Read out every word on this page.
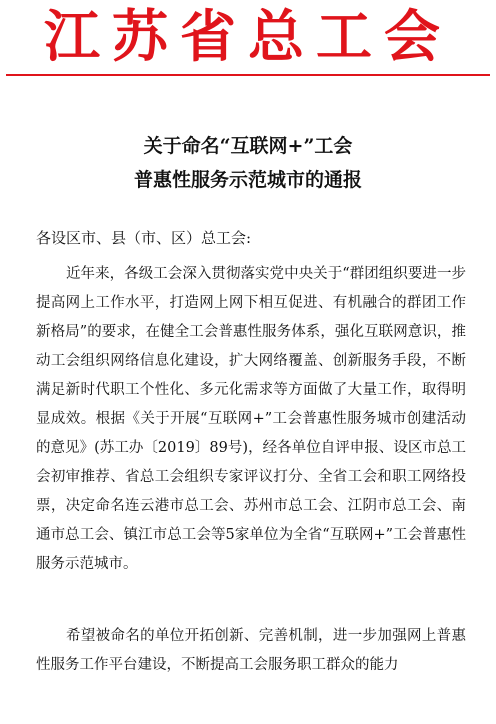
江苏省总工会
关于命名“互联网+”工会
普惠性服务示范城市的通报
各设区市、县（市、区）总工会:
近年来，各级工会深入贯彻落实党中央关于“群团组织要进一步提高网上工作水平，打造网上网下相互促进、有机融合的群团工作新格局”的要求，在健全工会普惠性服务体系，强化互联网意识，推动工会组织网络信息化建设，扩大网络覆盖、创新服务手段，不断满足新时代职工个性化、多元化需求等方面做了大量工作，取得明显成效。根据《关于开展“互联网+”工会普惠性服务城市创建活动的意见》(苏工办〔2019〕89号)，经各单位自评申报、设区市总工会初审推荐、省总工会组织专家评议打分、全省工会和职工网络投票，决定命名连云港市总工会、苏州市总工会、江阴市总工会、南通市总工会、镇江市总工会等5家单位为全省“互联网+”工会普惠性服务示范城市。
希望被命名的单位开拓创新、完善机制，进一步加强网上普惠性服务工作平台建设，不断提高工会服务职工群众的能力
